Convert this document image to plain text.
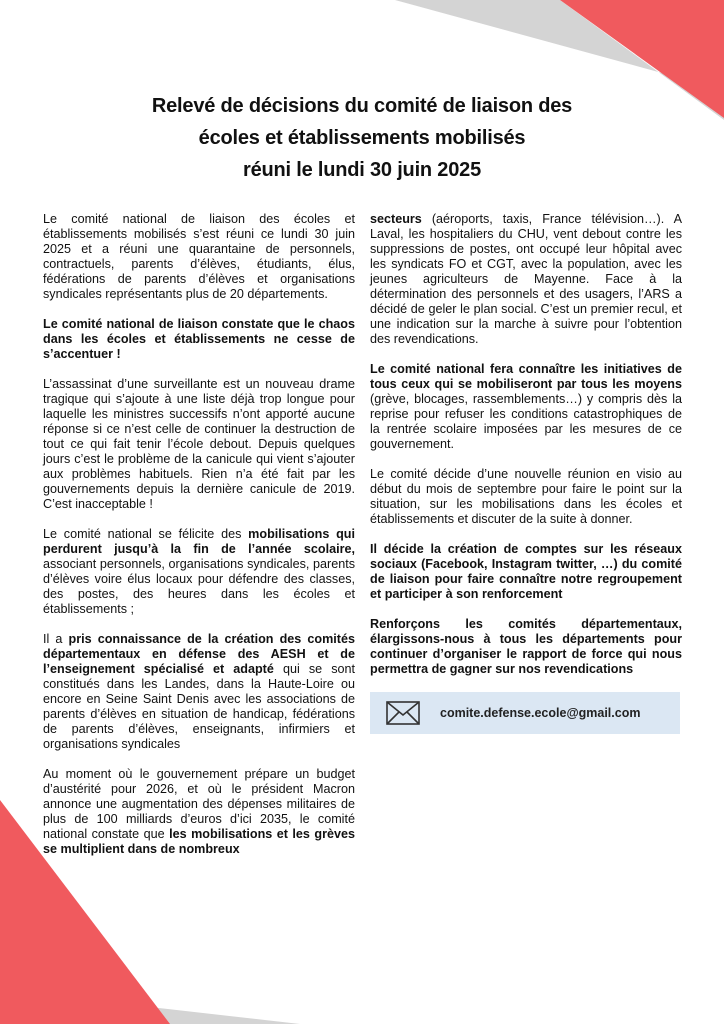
Relevé de décisions du comité de liaison des
écoles et établissements mobilisés
réuni le lundi 30 juin 2025

Le comité national de liaison des écoles et établissements mobilisés s’est réuni ce lundi 30 juin 2025 et a réuni une quarantaine de personnels, contractuels, parents d’élèves, étudiants, élus, fédérations de parents d’élèves et organisations syndicales représentants plus de 20 départements.

Le comité national de liaison constate que le chaos dans les écoles et établissements ne cesse de s’accentuer !

L’assassinat d’une surveillante est un nouveau drame tragique qui s’ajoute à une liste déjà trop longue pour laquelle les ministres successifs n’ont apporté aucune réponse si ce n’est celle de continuer la destruction de tout ce qui fait tenir l’école debout. Depuis quelques jours c’est le problème de la canicule qui vient s’ajouter aux problèmes habituels. Rien n’a été fait par les gouvernements depuis la dernière canicule de 2019. C’est inacceptable !

Le comité national se félicite des mobilisations qui perdurent jusqu’à la fin de l’année scolaire, associant personnels, organisations syndicales, parents d’élèves voire élus locaux pour défendre des classes, des postes, des heures dans les écoles et établissements ;

Il a pris connaissance de la création des comités départementaux en défense des AESH et de l’enseignement spécialisé et adapté qui se sont constitués dans les Landes, dans la Haute-Loire ou encore en Seine Saint Denis avec les associations de parents d’élèves en situation de handicap, fédérations de parents d’élèves, enseignants, infirmiers et organisations syndicales

Au moment où le gouvernement prépare un budget d’austérité pour 2026, et où le président Macron annonce une augmentation des dépenses militaires de plus de 100 milliards d’euros d’ici 2035, le comité national constate que les mobilisations et les grèves se multiplient dans de nombreux

secteurs (aéroports, taxis, France télévision…). A Laval, les hospitaliers du CHU, vent debout contre les suppressions de postes, ont occupé leur hôpital avec les syndicats FO et CGT, avec la population, avec les jeunes agriculteurs de Mayenne. Face à la détermination des personnels et des usagers, l’ARS a décidé de geler le plan social. C’est un premier recul, et une indication sur la marche à suivre pour l’obtention des revendications.

Le comité national fera connaître les initiatives de tous ceux qui se mobiliseront par tous les moyens (grève, blocages, rassemblements…) y compris dès la reprise pour refuser les conditions catastrophiques de la rentrée scolaire imposées par les mesures de ce gouvernement.

Le comité décide d’une nouvelle réunion en visio au début du mois de septembre pour faire le point sur la situation, sur les mobilisations dans les écoles et établissements et discuter de la suite à donner.

Il décide la création de comptes sur les réseaux sociaux (Facebook, Instagram twitter, …) du comité de liaison pour faire connaître notre regroupement et participer à son renforcement

Renforçons les comités départementaux, élargissons-nous à tous les départements pour continuer d’organiser le rapport de force qui nous permettra de gagner sur nos revendications

comite.defense.ecole@gmail.com
